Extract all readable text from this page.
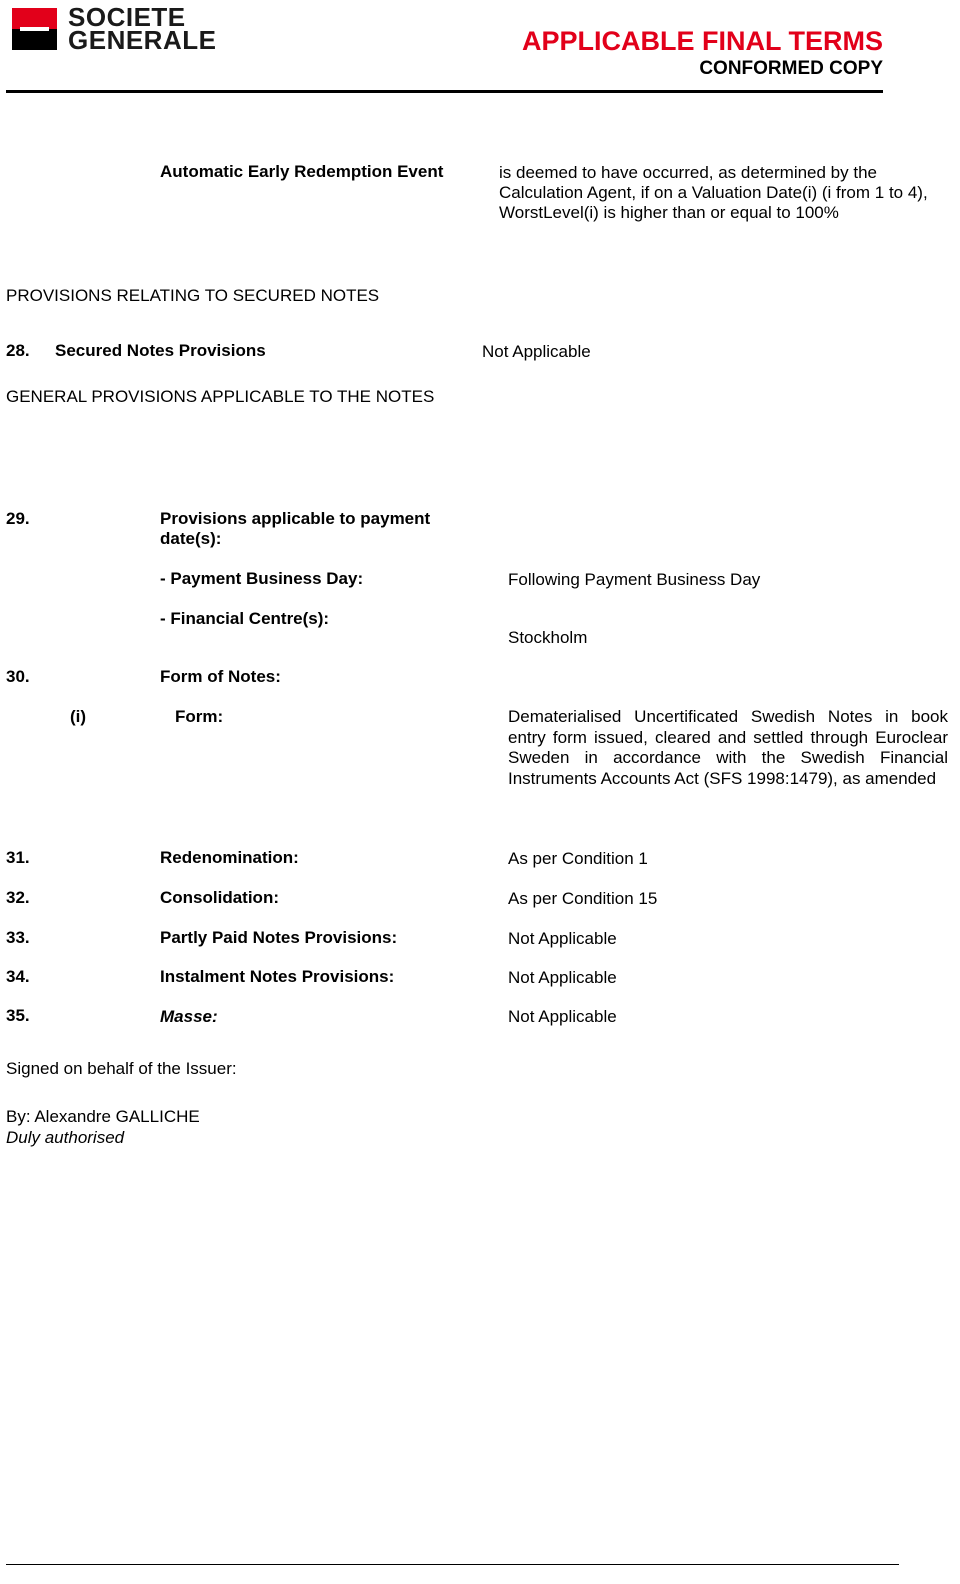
SOCIETE
GENERALE	APPLICABLE FINAL TERMS
CONFORMED COPY
Automatic Early Redemption Event	is deemed to have occurred, as determined by the
Calculation Agent, if on a Valuation Date(i) (i from 1 to 4),
WorstLevel(i) is higher than or equal to 100%
PROVISIONS RELATING TO SECURED NOTES
28. Secured Notes Provisions	Not Applicable
GENERAL PROVISIONS APPLICABLE TO THE NOTES
29.	Provisions applicable to payment
date(s):
- Payment Business Day:	Following Payment Business Day
- Financial Centre(s):
Stockholm
30.	Form of Notes:
(i)	Form:	Dematerialised Uncertificated Swedish Notes in book entry form issued, cleared and settled through Euroclear Sweden in accordance with the Swedish Financial Instruments Accounts Act (SFS 1998:1479), as amended
31.	Redenomination:	As per Condition 1
32.	Consolidation:	As per Condition 15
33.	Partly Paid Notes Provisions:	Not Applicable
34.	Instalment Notes Provisions:	Not Applicable
35.	Masse:	Not Applicable
Signed on behalf of the Issuer:
By: Alexandre GALLICHE
Duly authorised
